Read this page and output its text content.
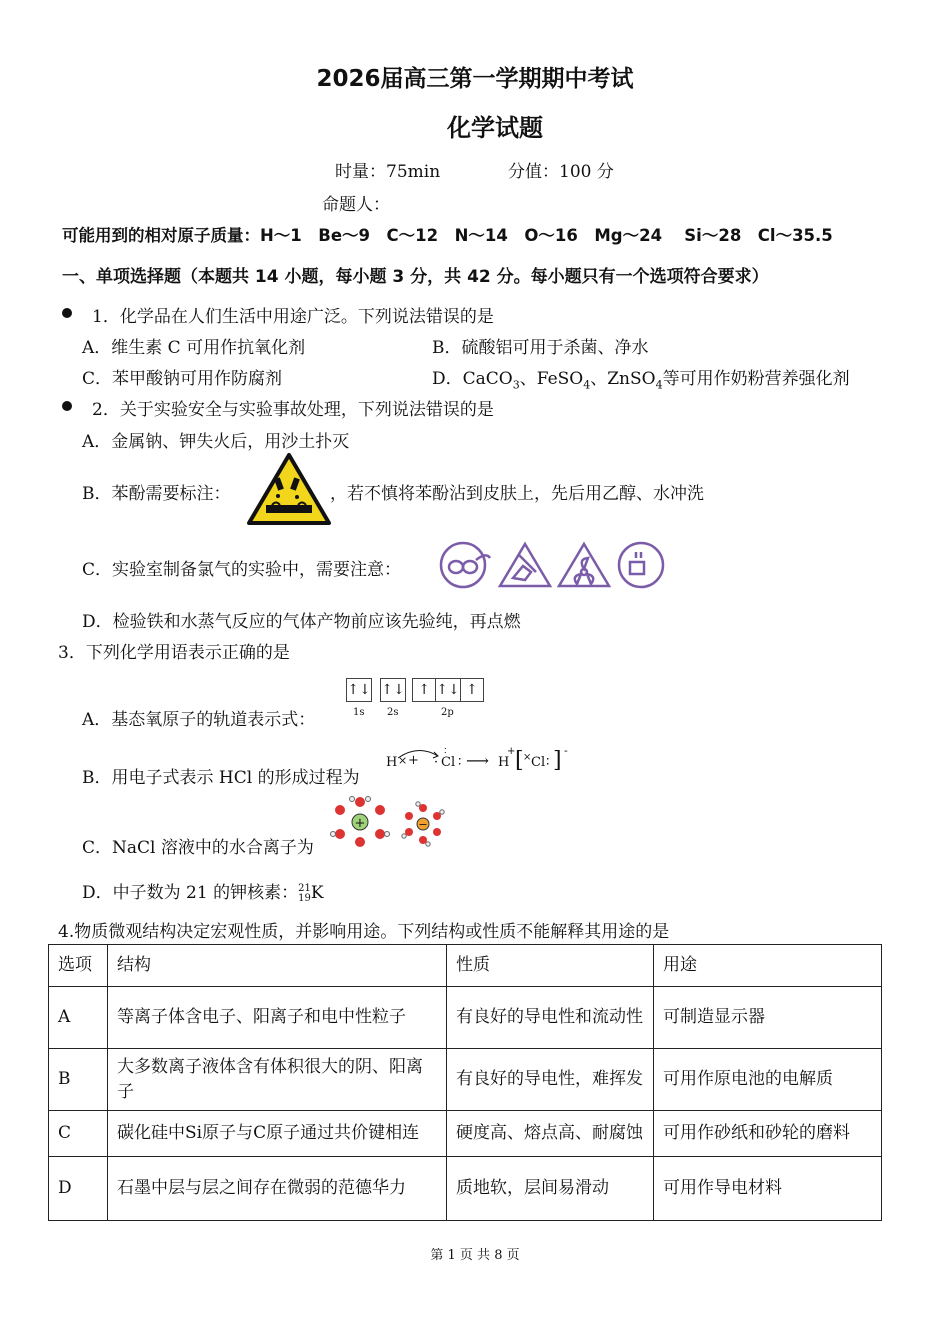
2026届高三第一学期期中考试
化学试题
时量：75min	分值：100 分
命题人：
可能用到的相对原子质量：H～1　Be～9　C～12　N～14　O～16　Mg～24　 Si～28　Cl～35.5
一、单项选择题（本题共 14 小题，每小题 3 分，共 42 分。每小题只有一个选项符合要求）
1．化学品在人们生活中用途广泛。下列说法错误的是
A．维生素 C 可用作抗氧化剂	B．硫酸铝可用于杀菌、净水
C．苯甲酸钠可用作防腐剂	D．CaCO$_3$、FeSO$_4$、ZnSO$_4$等可用作奶粉营养强化剂
2．关于实验安全与实验事故处理，下列说法错误的是
A．金属钠、钾失火后，用沙土扑灭
B．苯酚需要标注：	，若不慎将苯酚沾到皮肤上，先后用乙醇、水冲洗
C．实验室制备氯气的实验中，需要注意：
D．检验铁和水蒸气反应的气体产物前应该先验纯，再点燃
3．下列化学用语表示正确的是
A．基态氧原子的轨道表示式：
↑↓ ↑↓ ↑ ↑↓ ↑
1s 2s	2p
B．用电子式表示 HCl 的形成过程为
H × + · Cl
∶
∶ ⟶ H
+ [ × Cl ∶ ] -
C．NaCl 溶液中的水合离子为
+	−
D．中子数为 21 的钾核素： 21
19 K
4.物质微观结构决定宏观性质，并影响用途。下列结构或性质不能解释其用途的是
选项	结构	性质	用途
A	等离子体含电子、阳离子和电中性粒子	有良好的导电性和流动性	可制造显示器
B	大多数离子液体含有体积很大的阴、阳离子	有良好的导电性，难挥发	可用作原电池的电解质
C	碳化硅中Si原子与C原子通过共价键相连	硬度高、熔点高、耐腐蚀	可用作砂纸和砂轮的磨料
D	石墨中层与层之间存在微弱的范德华力	质地软，层间易滑动	可用作导电材料
第 1 页 共 8 页
